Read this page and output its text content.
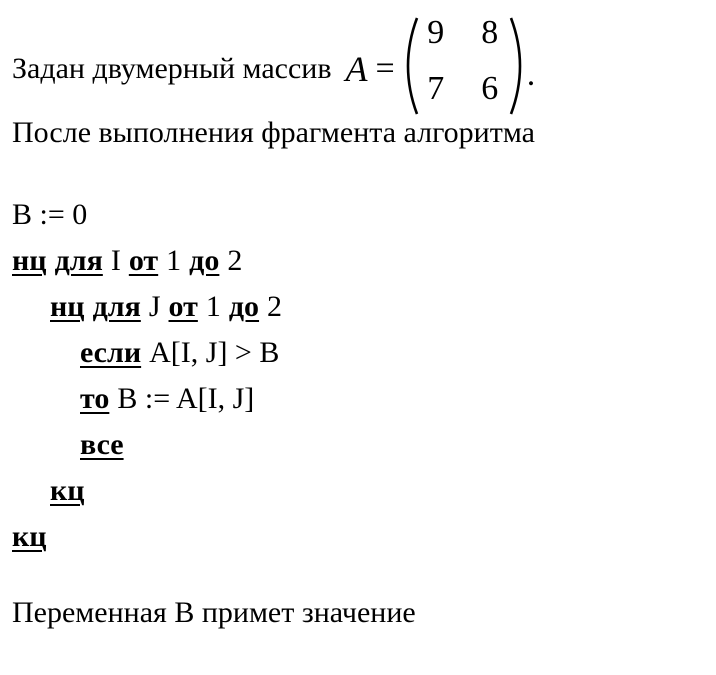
Задан двумерный массив A =
9 8
7 6 .
После выполнения фрагмента алгоритма
B := 0
нц для I от 1 до 2
нц для J от 1 до 2
если A[I, J] > B
то B := A[I, J]
все
кц
кц
Переменная B примет значение
